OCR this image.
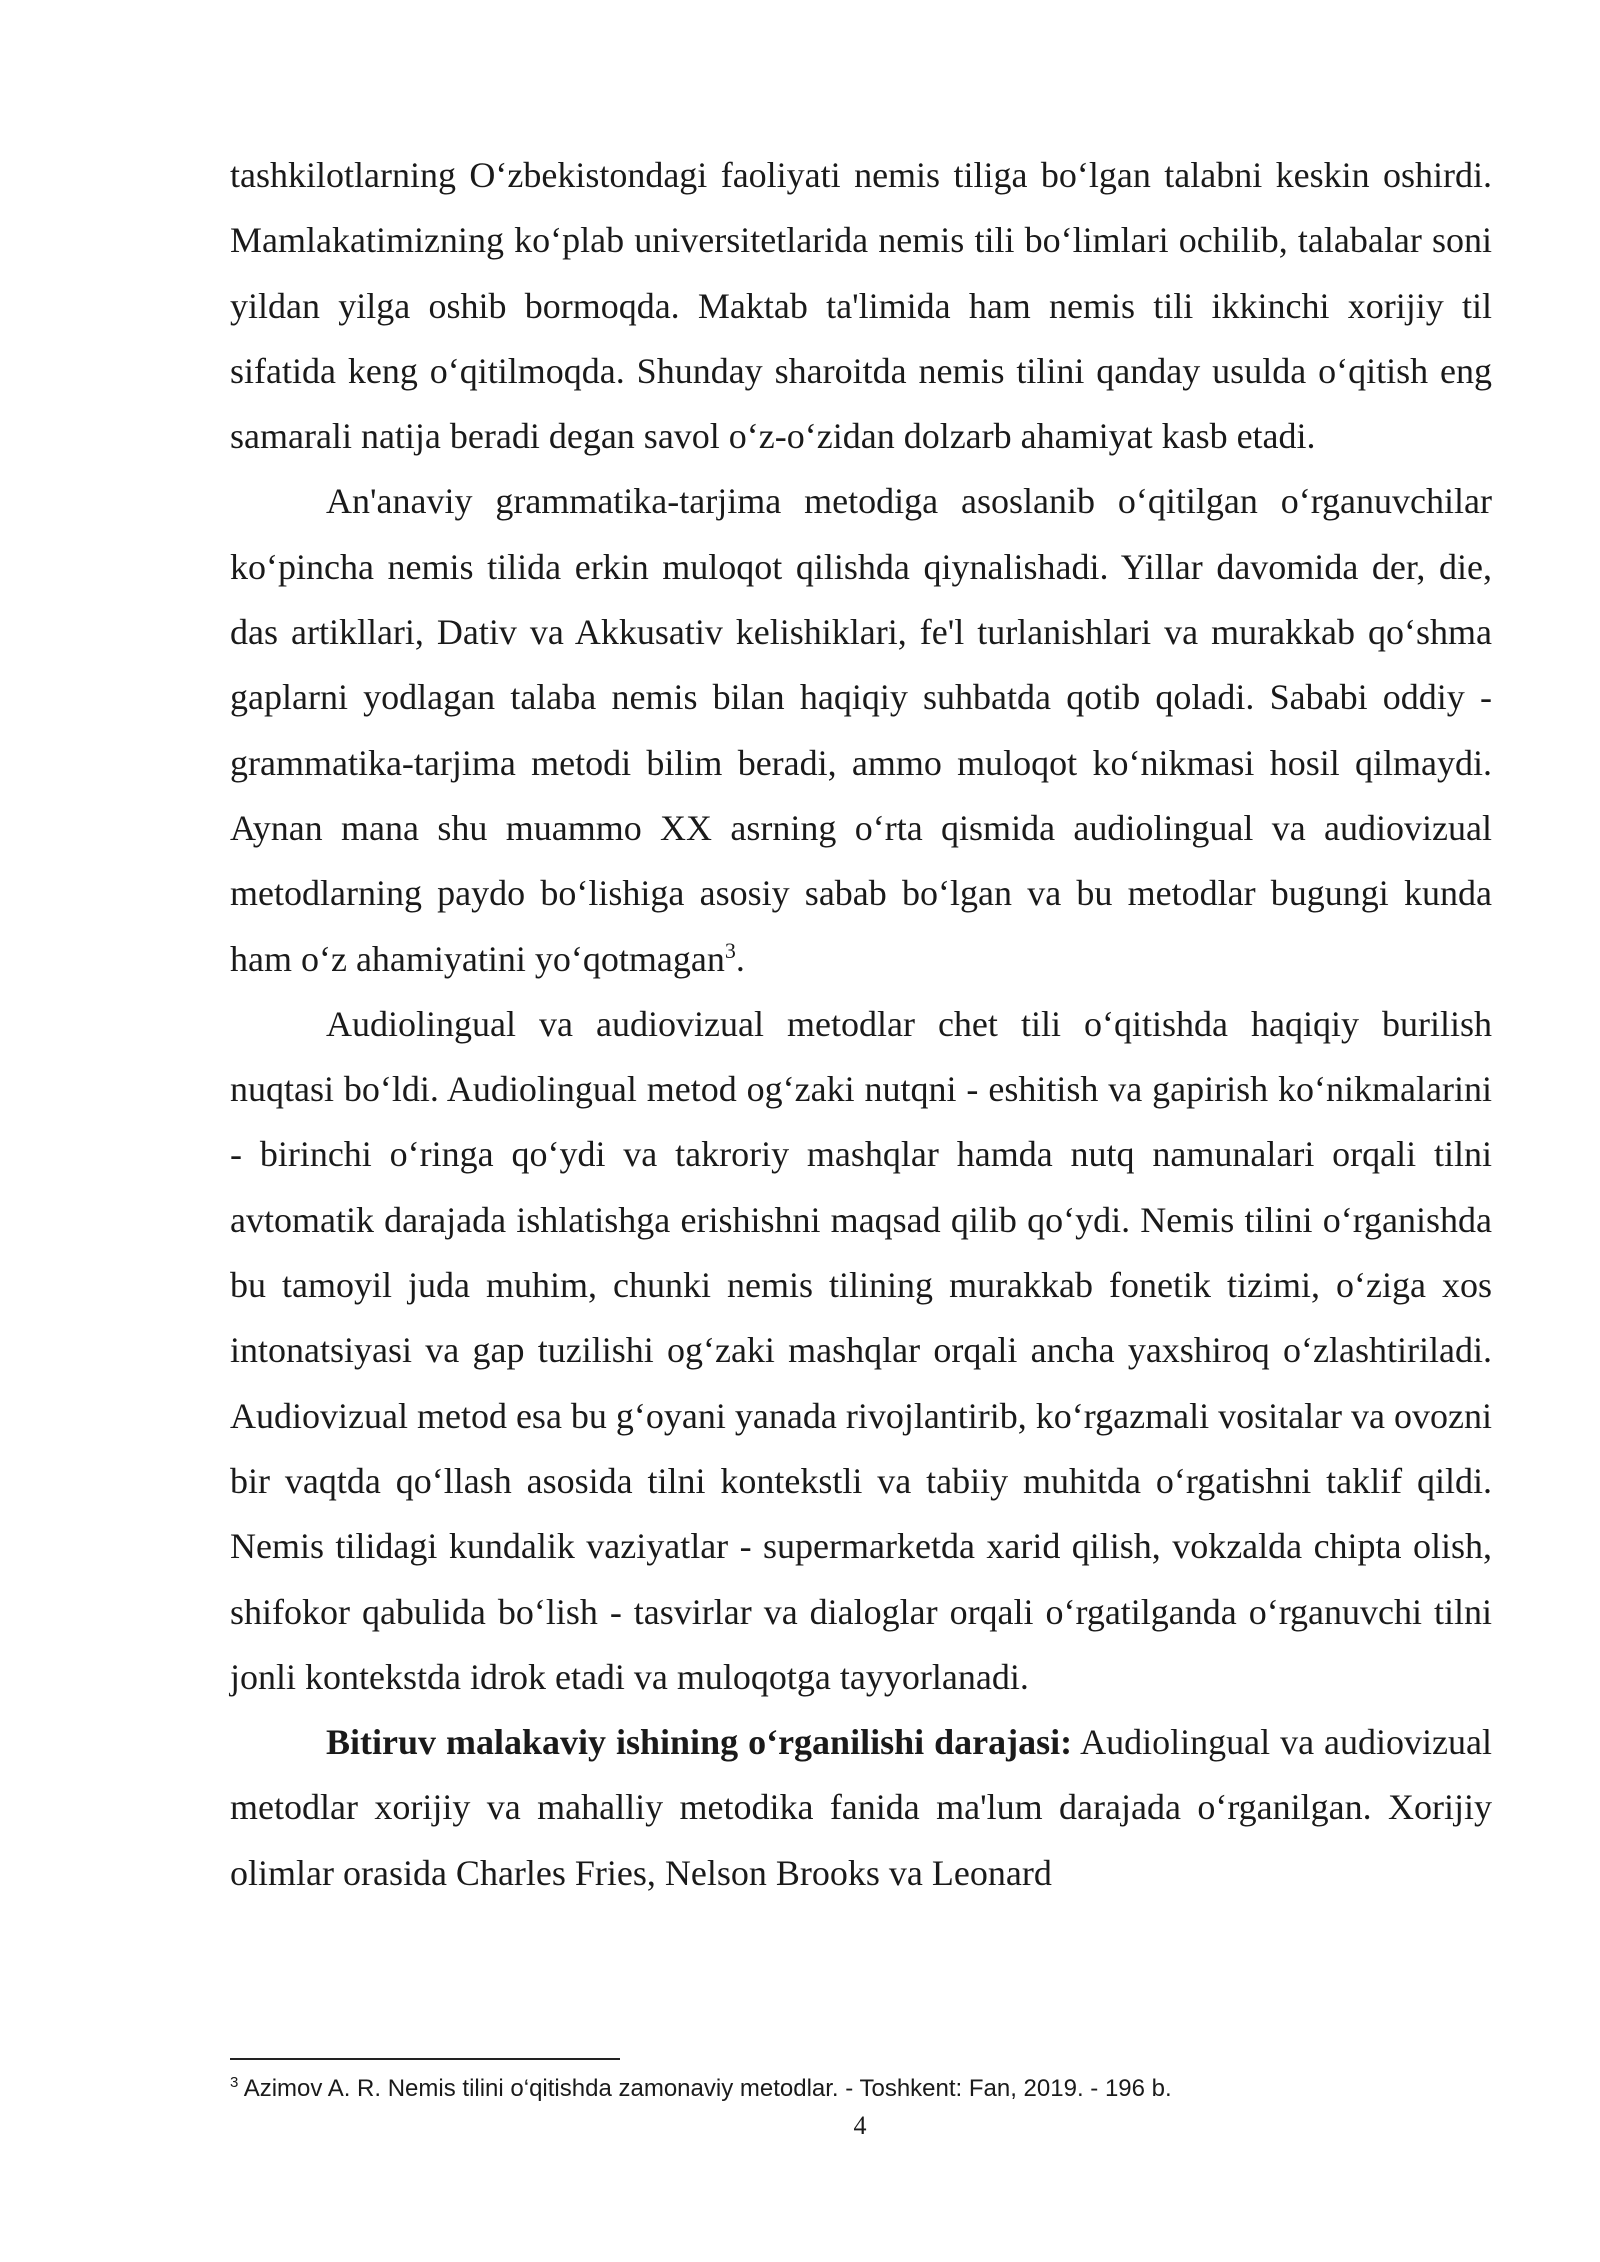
tashkilotlarning O‘zbekistondagi faoliyati nemis tiliga bo‘lgan talabni keskin oshirdi. Mamlakatimizning ko‘plab universitetlarida nemis tili bo‘limlari ochilib, talabalar soni yildan yilga oshib bormoqda. Maktab ta'limida ham nemis tili ikkinchi xorijiy til sifatida keng o‘qitilmoqda. Shunday sharoitda nemis tilini qanday usulda o‘qitish eng samarali natija beradi degan savol o‘z-o‘zidan dolzarb ahamiyat kasb etadi.

An'anaviy grammatika-tarjima metodiga asoslanib o‘qitilgan o‘rganuvchilar ko‘pincha nemis tilida erkin muloqot qilishda qiynalishadi. Yillar davomida der, die, das artikllari, Dativ va Akkusativ kelishiklari, fe'l turlanishlari va murakkab qo‘shma gaplarni yodlagan talaba nemis bilan haqiqiy suhbatda qotib qoladi. Sababi oddiy - grammatika-tarjima metodi bilim beradi, ammo muloqot ko‘nikmasi hosil qilmaydi. Aynan mana shu muammo XX asrning o‘rta qismida audiolingual va audiovizual metodlarning paydo bo‘lishiga asosiy sabab bo‘lgan va bu metodlar bugungi kunda ham o‘z ahamiyatini yo‘qotmagan$^3$.

Audiolingual va audiovizual metodlar chet tili o‘qitishda haqiqiy burilish nuqtasi bo‘ldi. Audiolingual metod og‘zaki nutqni - eshitish va gapirish ko‘nikmalarini - birinchi o‘ringa qo‘ydi va takroriy mashqlar hamda nutq namunalari orqali tilni avtomatik darajada ishlatishga erishishni maqsad qilib qo‘ydi. Nemis tilini o‘rganishda bu tamoyil juda muhim, chunki nemis tilining murakkab fonetik tizimi, o‘ziga xos intonatsiyasi va gap tuzilishi og‘zaki mashqlar orqali ancha yaxshiroq o‘zlashtiriladi. Audiovizual metod esa bu g‘oyani yanada rivojlantirib, ko‘rgazmali vositalar va ovozni bir vaqtda qo‘llash asosida tilni kontekstli va tabiiy muhitda o‘rgatishni taklif qildi. Nemis tilidagi kundalik vaziyatlar - supermarketda xarid qilish, vokzalda chipta olish, shifokor qabulida bo‘lish - tasvirlar va dialoglar orqali o‘rgatilganda o‘rganuvchi tilni jonli kontekstda idrok etadi va muloqotga tayyorlanadi.

Bitiruv malakaviy ishining o‘rganilishi darajasi: Audiolingual va audiovizual metodlar xorijiy va mahalliy metodika fanida ma'lum darajada o‘rganilgan. Xorijiy olimlar orasida Charles Fries, Nelson Brooks va Leonard

$^3$ Azimov A. R. Nemis tilini o‘qitishda zamonaviy metodlar. - Toshkent: Fan, 2019. - 196 b.
4
